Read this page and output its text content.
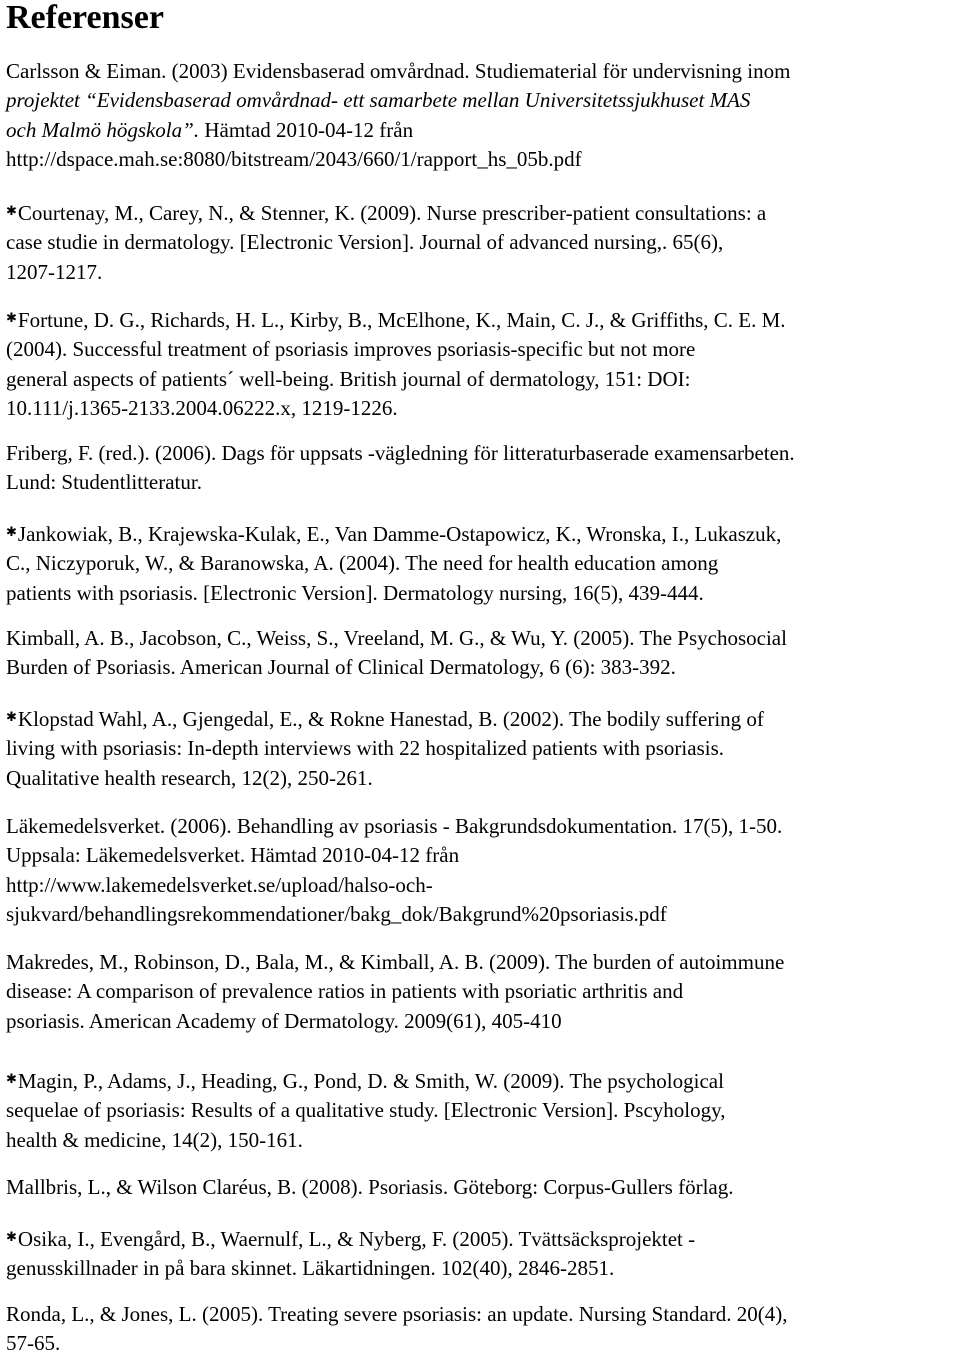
Referenser
Carlsson & Eiman. (2003) Evidensbaserad omvårdnad. Studiematerial för undervisning inom
projektet “Evidensbaserad omvårdnad- ett samarbete mellan Universitetssjukhuset MAS
och Malmö högskola”. Hämtad 2010-04-12 från
http://dspace.mah.se:8080/bitstream/2043/660/1/rapport_hs_05b.pdf
✱Courtenay, M., Carey, N., & Stenner, K. (2009). Nurse prescriber-patient consultations: a
case studie in dermatology. [Electronic Version]. Journal of advanced nursing,. 65(6),
1207-1217.
✱Fortune, D. G., Richards, H. L., Kirby, B., McElhone, K., Main, C. J., & Griffiths, C. E. M.
(2004). Successful treatment of psoriasis improves psoriasis-specific but not more
general aspects of patients´ well-being. British journal of dermatology, 151: DOI:
10.111/j.1365-2133.2004.06222.x, 1219-1226.
Friberg, F. (red.). (2006). Dags för uppsats -vägledning för litteraturbaserade examensarbeten.
Lund: Studentlitteratur.
✱Jankowiak, B., Krajewska-Kulak, E., Van Damme-Ostapowicz, K., Wronska, I., Lukaszuk,
C., Niczyporuk, W., & Baranowska, A. (2004). The need for health education among
patients with psoriasis. [Electronic Version]. Dermatology nursing, 16(5), 439-444.
Kimball, A. B., Jacobson, C., Weiss, S., Vreeland, M. G., & Wu, Y. (2005). The Psychosocial
Burden of Psoriasis. American Journal of Clinical Dermatology, 6 (6): 383-392.
✱Klopstad Wahl, A., Gjengedal, E., & Rokne Hanestad, B. (2002). The bodily suffering of
living with psoriasis: In-depth interviews with 22 hospitalized patients with psoriasis.
Qualitative health research, 12(2), 250-261.
Läkemedelsverket. (2006). Behandling av psoriasis - Bakgrundsdokumentation. 17(5), 1-50.
Uppsala: Läkemedelsverket. Hämtad 2010-04-12 från
http://www.lakemedelsverket.se/upload/halso-och-
sjukvard/behandlingsrekommendationer/bakg_dok/Bakgrund%20psoriasis.pdf
Makredes, M., Robinson, D., Bala, M., & Kimball, A. B. (2009). The burden of autoimmune
disease: A comparison of prevalence ratios in patients with psoriatic arthritis and
psoriasis. American Academy of Dermatology. 2009(61), 405-410
✱Magin, P., Adams, J., Heading, G., Pond, D. & Smith, W. (2009). The psychological
sequelae of psoriasis: Results of a qualitative study. [Electronic Version]. Pscyhology,
health & medicine, 14(2), 150-161.
Mallbris, L., & Wilson Claréus, B. (2008). Psoriasis. Göteborg: Corpus-Gullers förlag.
✱Osika, I., Evengård, B., Waernulf, L., & Nyberg, F. (2005). Tvättsäcksprojektet -
genusskillnader in på bara skinnet. Läkartidningen. 102(40), 2846-2851.
Ronda, L., & Jones, L. (2005). Treating severe psoriasis: an update. Nursing Standard. 20(4),
57-65.
